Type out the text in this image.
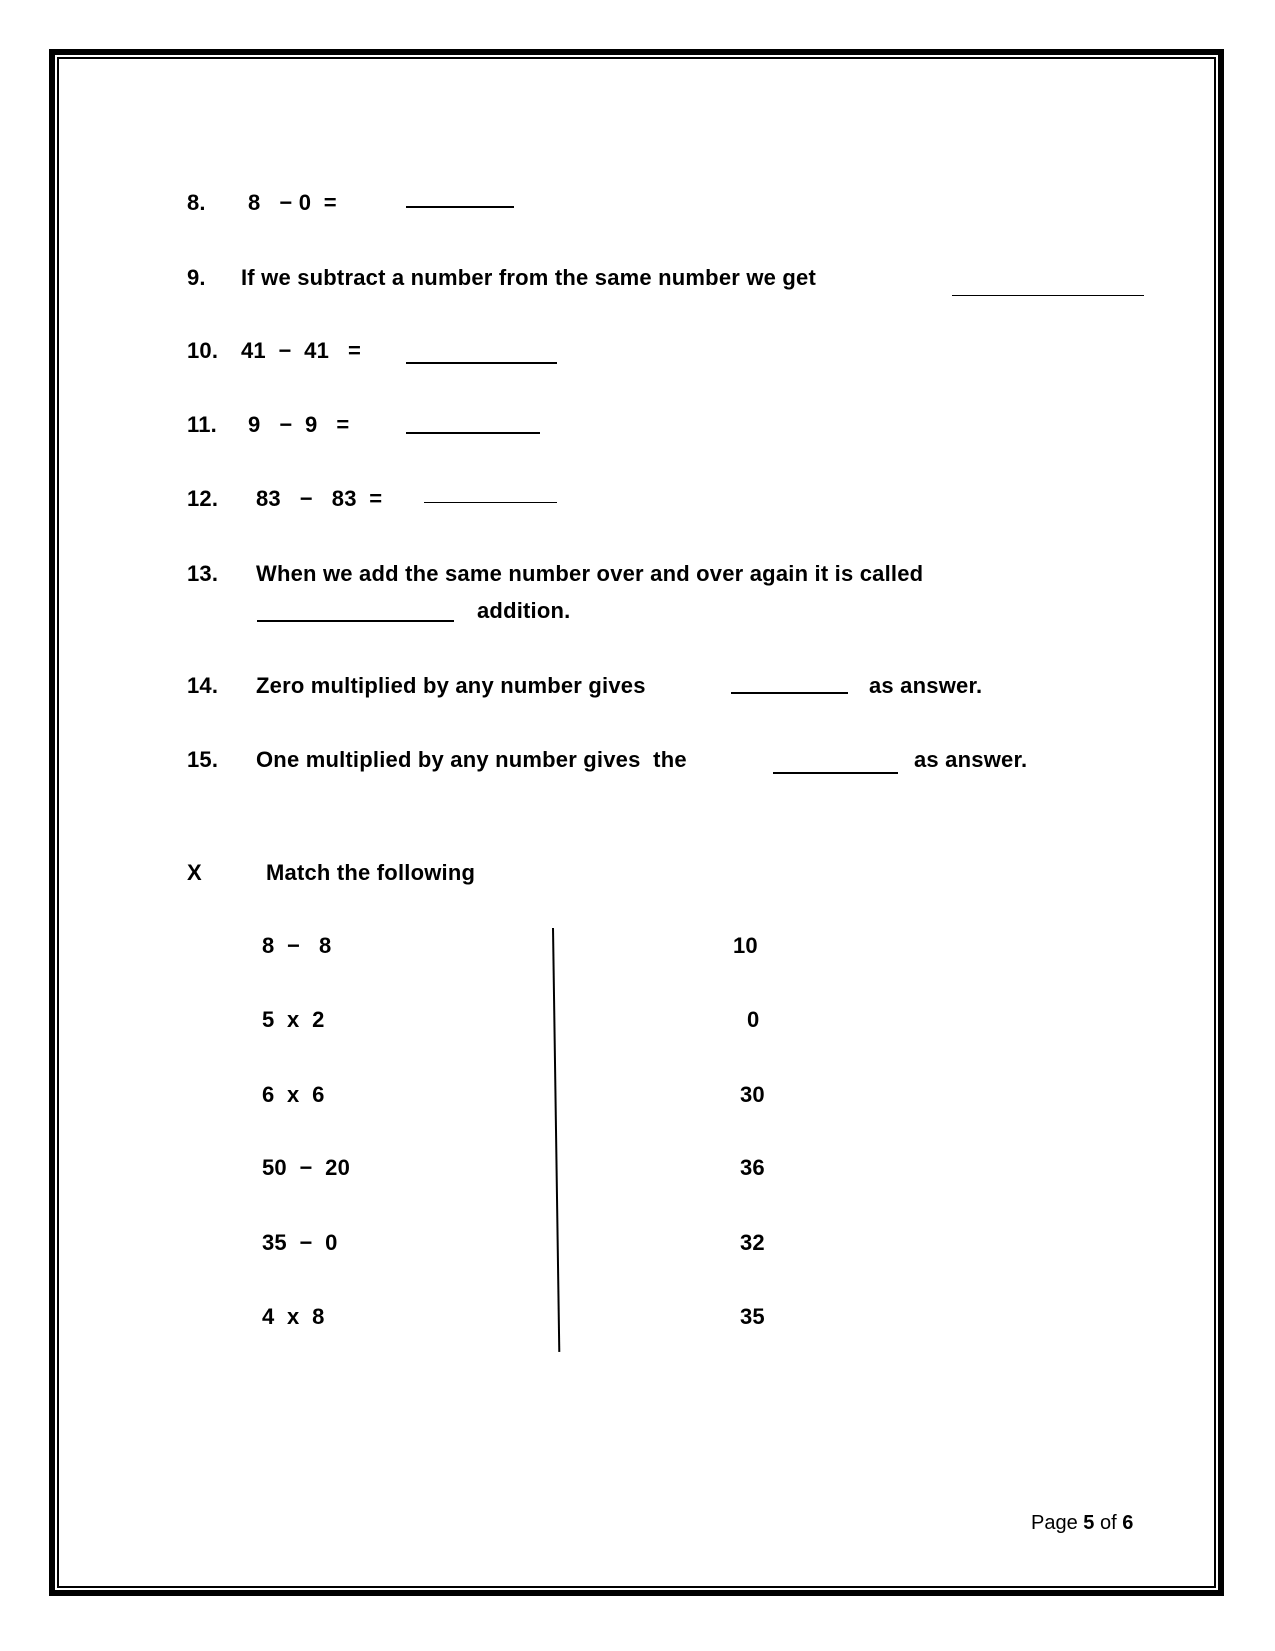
8. 8   − 0  =
9. If we subtract a number from the same number we get
10. 41  −  41   =
11. 9   −  9   =
12. 83   −   83  =
13. When we add the same number over and over again it is called
addition.
14. Zero multiplied by any number gives	as answer.
15. One multiplied by any number gives  the	as answer.
X	Match the following
8  −   8
5  x  2
6  x  6
50  −  20
35  −  0
4  x  8
10
0
30
36
32
35
Page 5 of 6
